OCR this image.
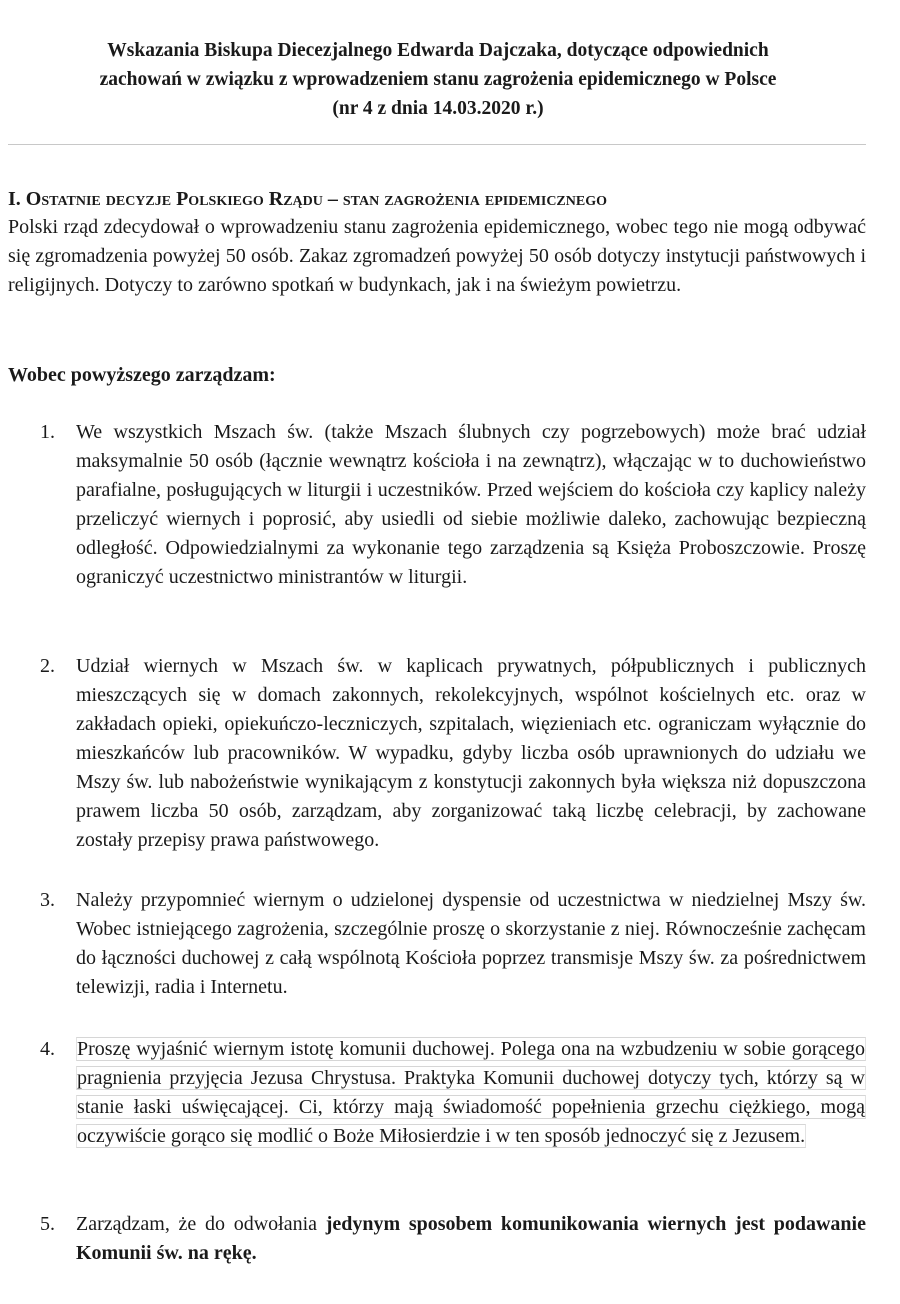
Wskazania Biskupa Diecezjalnego Edwarda Dajczaka, dotyczące odpowiednich
zachowań w związku z wprowadzeniem stanu zagrożenia epidemicznego w Polsce
(nr 4 z dnia 14.03.2020 r.)

I. Ostatnie decyzje Polskiego Rządu – stan zagrożenia epidemicznego

Polski rząd zdecydował o wprowadzeniu stanu zagrożenia epidemicznego, wobec tego nie mogą odbywać się zgromadzenia powyżej 50 osób. Zakaz zgromadzeń powyżej 50 osób dotyczy instytucji państwowych i religijnych. Dotyczy to zarówno spotkań w budynkach, jak i na świeżym powietrzu.

Wobec powyższego zarządzam:

1.	We wszystkich Mszach św. (także Mszach ślubnych czy pogrzebowych) może brać udział maksymalnie 50 osób (łącznie wewnątrz kościoła i na zewnątrz), włączając w to duchowieństwo parafialne, posługujących w liturgii i uczestników. Przed wejściem do kościoła czy kaplicy należy przeliczyć wiernych i poprosić, aby usiedli od siebie możliwie daleko, zachowując bezpieczną odległość. Odpowiedzialnymi za wykonanie tego zarządzenia są Księża Proboszczowie. Proszę ograniczyć uczestnictwo ministrantów w liturgii.
2.	Udział wiernych w Mszach św. w kaplicach prywatnych, półpublicznych i publicznych mieszczących się w domach zakonnych, rekolekcyjnych, wspólnot kościelnych etc. oraz w zakładach opieki, opiekuńczo-leczniczych, szpitalach, więzieniach etc. ograniczam wyłącznie do mieszkańców lub pracowników. W wypadku, gdyby liczba osób uprawnionych do udziału we Mszy św. lub nabożeństwie wynikającym z konstytucji zakonnych była większa niż dopuszczona prawem liczba 50 osób, zarządzam, aby zorganizować taką liczbę celebracji, by zachowane zostały przepisy prawa państwowego.
3.	Należy przypomnieć wiernym o udzielonej dyspensie od uczestnictwa w niedzielnej Mszy św. Wobec istniejącego zagrożenia, szczególnie proszę o skorzystanie z niej. Równocześnie zachęcam do łączności duchowej z całą wspólnotą Kościoła poprzez transmisje Mszy św. za pośrednictwem telewizji, radia i Internetu.
4.	Proszę wyjaśnić wiernym istotę komunii duchowej. Polega ona na wzbudzeniu w sobie gorącego pragnienia przyjęcia Jezusa Chrystusa. Praktyka Komunii duchowej dotyczy tych, którzy są w stanie łaski uświęcającej. Ci, którzy mają świadomość popełnienia grzechu ciężkiego, mogą oczywiście gorąco się modlić o Boże Miłosierdzie i w ten sposób jednoczyć się z Jezusem.
5.	Zarządzam, że do odwołania jedynym sposobem komunikowania wiernych jest podawanie Komunii św. na rękę.
